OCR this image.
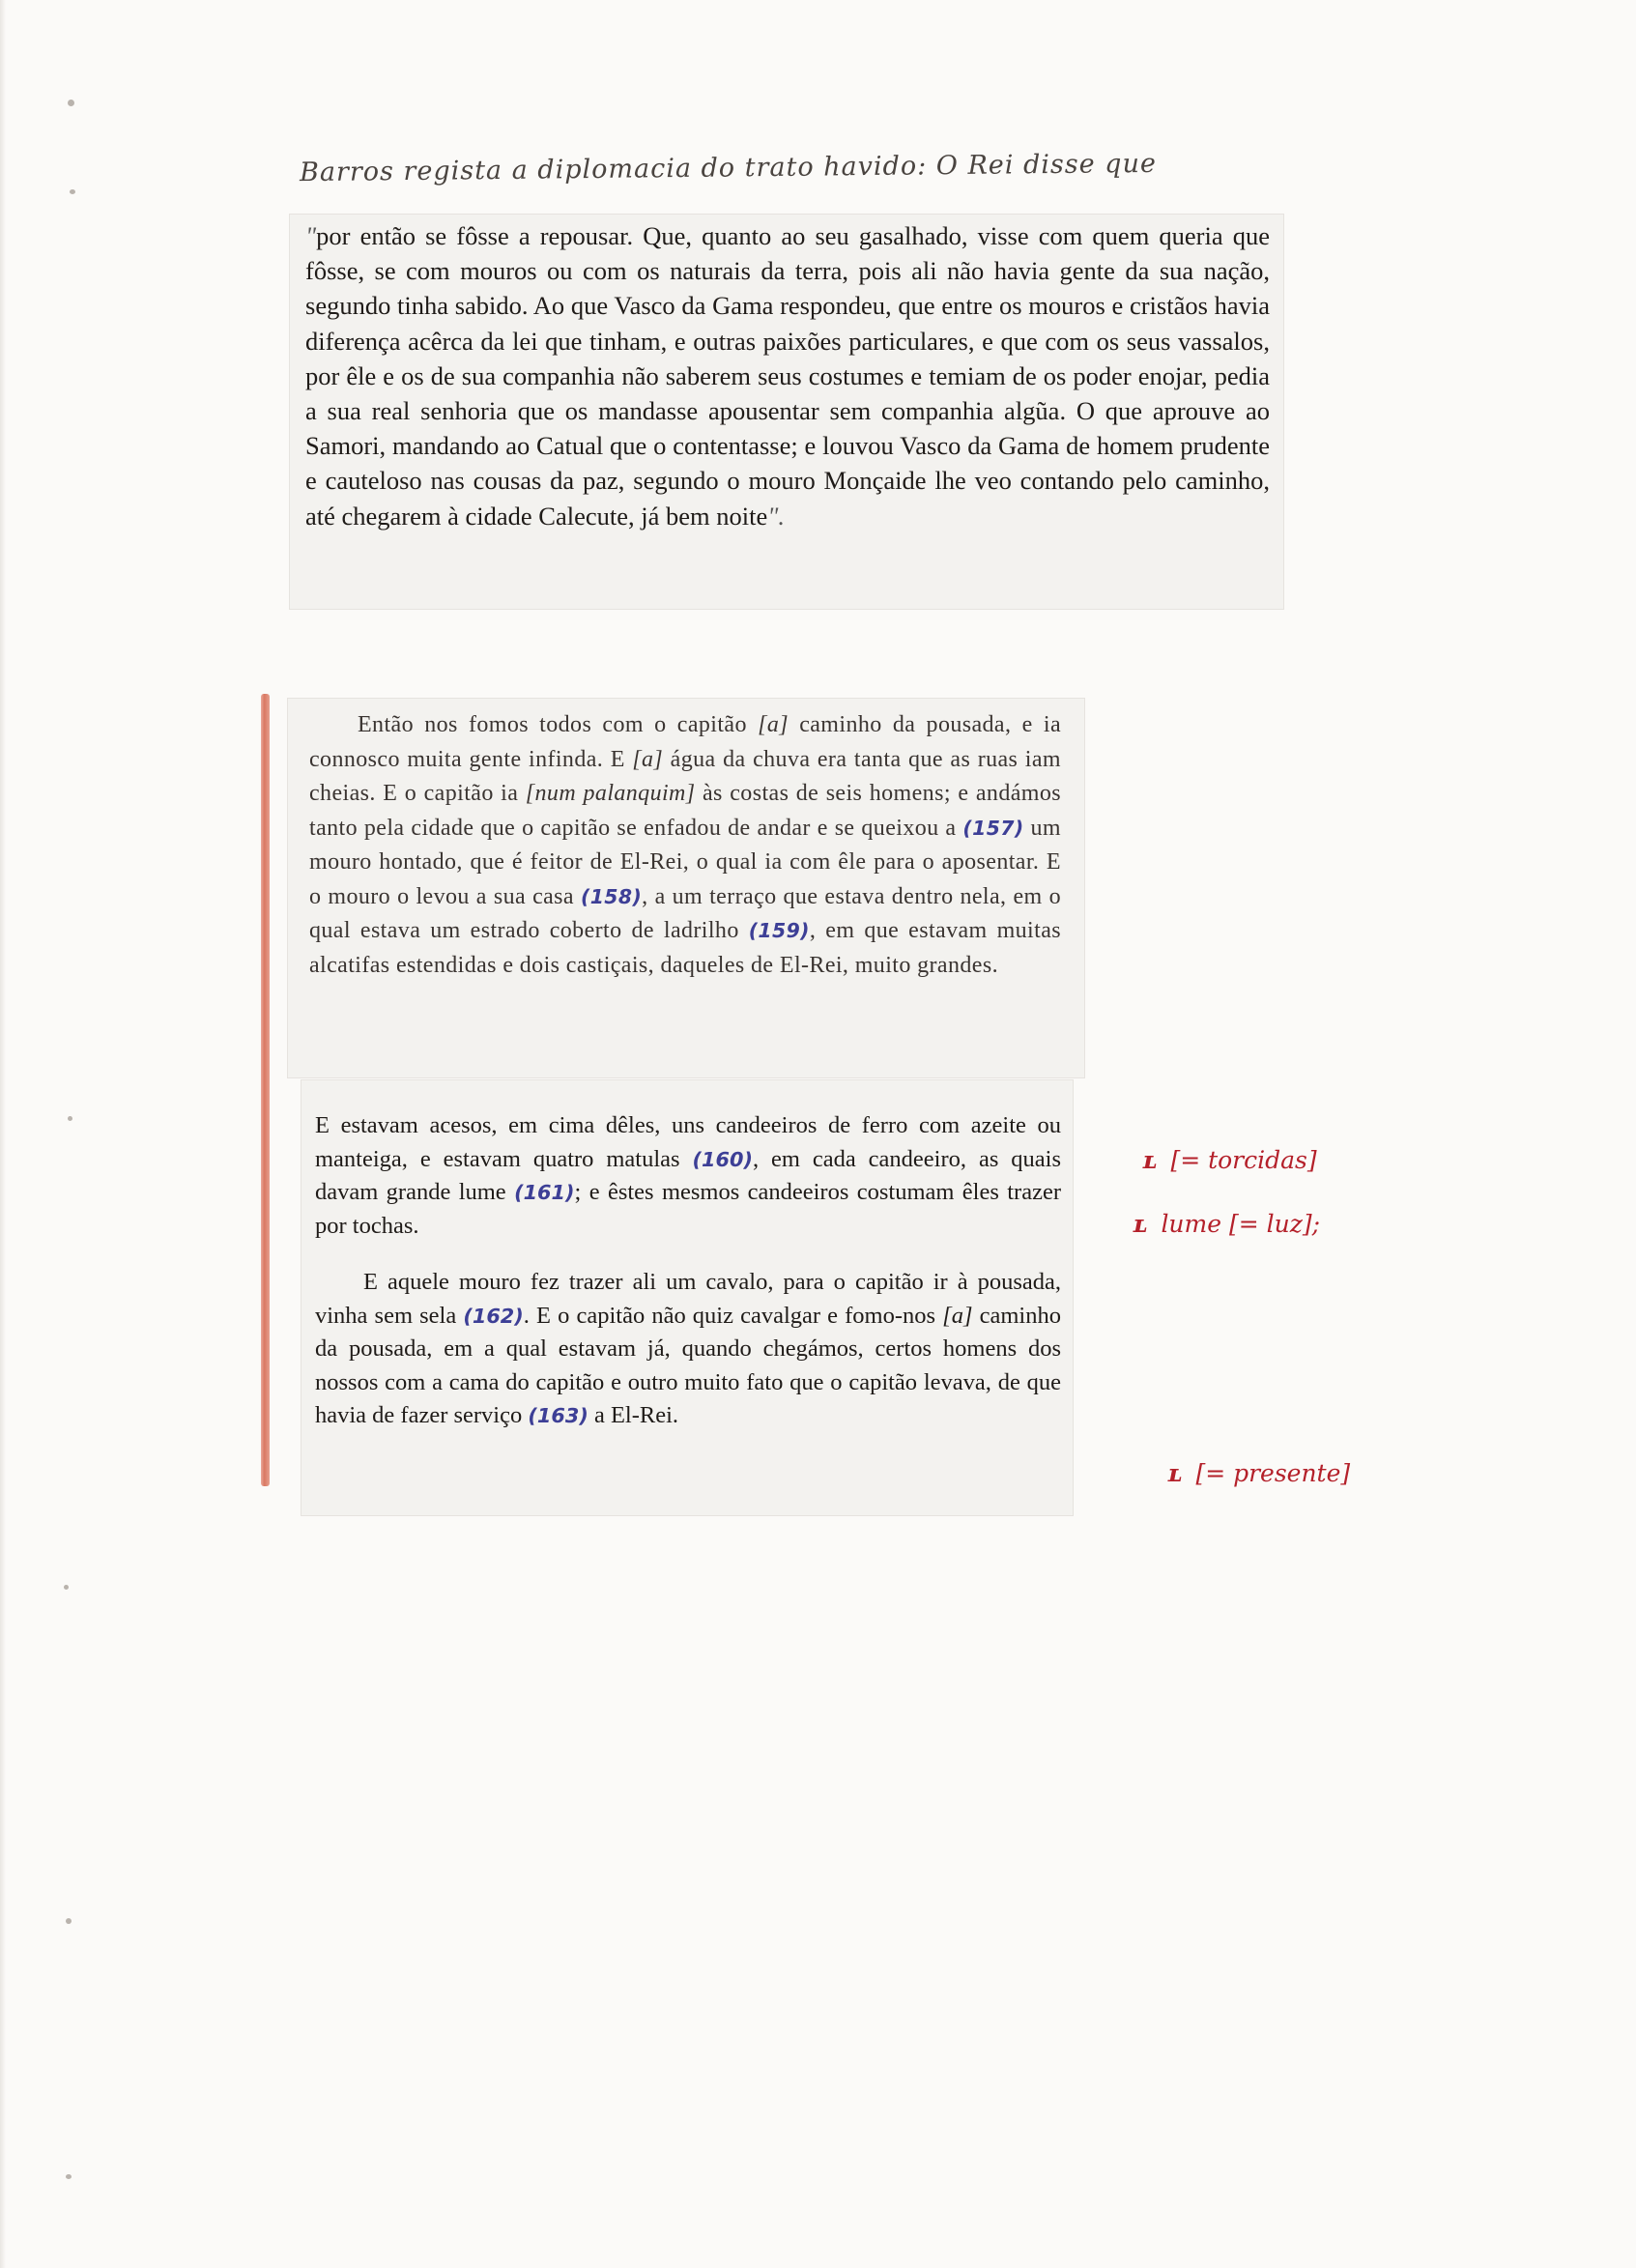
Barros regista a diplomacia do trato havido: O Rei disse que
"por então se fôsse a repousar. Que, quanto ao seu gasalhado, visse com quem queria que fôsse, se com mouros ou com os naturais da terra, pois ali não havia gente da sua nação, segundo tinha sabido. Ao que Vasco da Gama respondeu, que entre os mouros e cristãos havia diferença acêrca da lei que tinham, e outras paixões particulares, e que com os seus vassalos, por êle e os de sua companhia não saberem seus costumes e temiam de os poder enojar, pedia a sua real senhoria que os mandasse apousentar sem companhia algũa. O que aprouve ao Samori, mandando ao Catual que o contentasse; e louvou Vasco da Gama de homem prudente e cauteloso nas cousas da paz, segundo o mouro Monçaide lhe veo contando pelo caminho, até chegarem à cidade Calecute, já bem noite".
Então nos fomos todos com o capitão [a] caminho da pousada, e ia connosco muita gente infinda. E [a] água da chuva era tanta que as ruas iam cheias. E o capitão ia [num palanquim] às costas de seis homens; e andámos tanto pela cidade que o capitão se enfadou de andar e se queixou a (157) um mouro hontado, que é feitor de El-Rei, o qual ia com êle para o aposentar. E o mouro o levou a sua casa (158), a um terraço que estava dentro nela, em o qual estava um estrado coberto de ladrilho (159), em que estavam muitas alcatifas estendidas e dois castiçais, daqueles de El-Rei, muito grandes.
E estavam acesos, em cima dêles, uns candeeiros de ferro com azeite ou manteiga, e estavam quatro matulas (160), em cada candeeiro, as quais davam grande lume (161); e êstes mesmos candeeiros costumam êles trazer por tochas.
E aquele mouro fez trazer ali um cavalo, para o capitão ir à pousada, vinha sem sela (162). E o capitão não quiz cavalgar e fomo-nos [a] caminho da pousada, em a qual estavam já, quando chegámos, certos homens dos nossos com a cama do capitão e outro muito fato que o capitão levava, de que havia de fazer serviço (163) a El-Rei.
ʟ [= torcidas]
ʟ lume [= luz];
ʟ [= presente]
